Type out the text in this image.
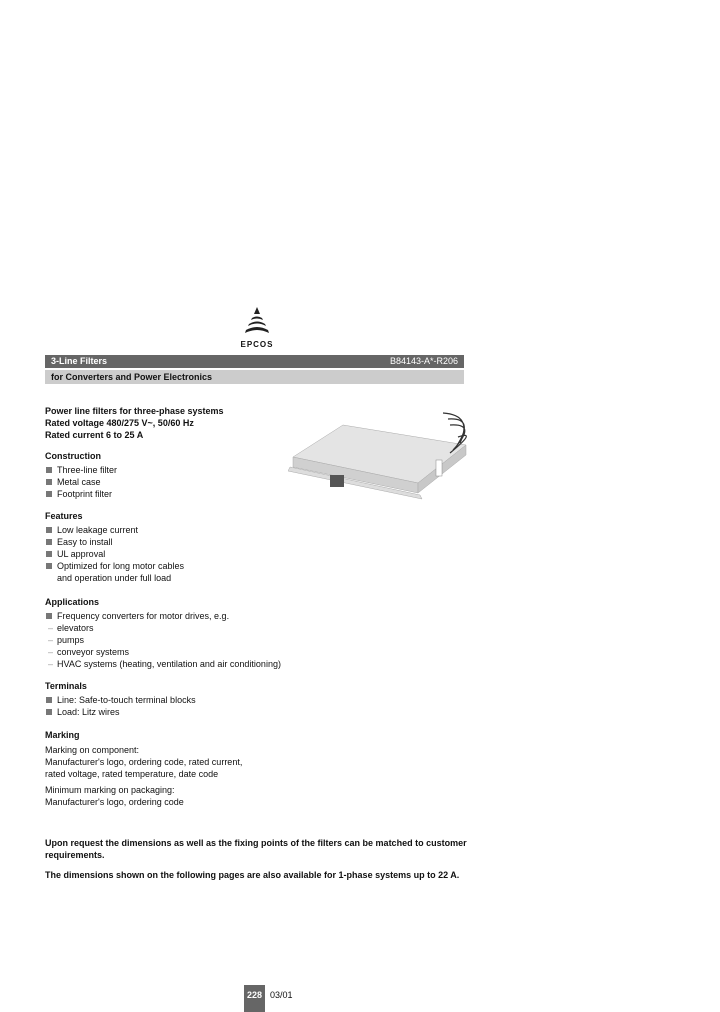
EPCOS
3-Line Filters	B84143-A*-R206
for Converters and Power Electronics
Power line filters for three-phase systems
Rated voltage 480/275 V~, 50/60 Hz
Rated current 6 to 25 A
Construction
Three-line filter
Metal case
Footprint filter
Features
Low leakage current
Easy to install
UL approval
Optimized for long motor cables
and operation under full load
Applications
Frequency converters for motor drives, e.g.
– elevators
– pumps
– conveyor systems
– HVAC systems (heating, ventilation and air conditioning)
Terminals
Line: Safe-to-touch terminal blocks
Load: Litz wires
Marking
Marking on component:
Manufacturer's logo, ordering code, rated current,
rated voltage, rated temperature, date code
Minimum marking on packaging:
Manufacturer's logo, ordering code
Upon request the dimensions as well as the fixing points of the filters can be matched to customer requirements.
The dimensions shown on the following pages are also available for 1-phase systems up to 22 A.
228 03/01
